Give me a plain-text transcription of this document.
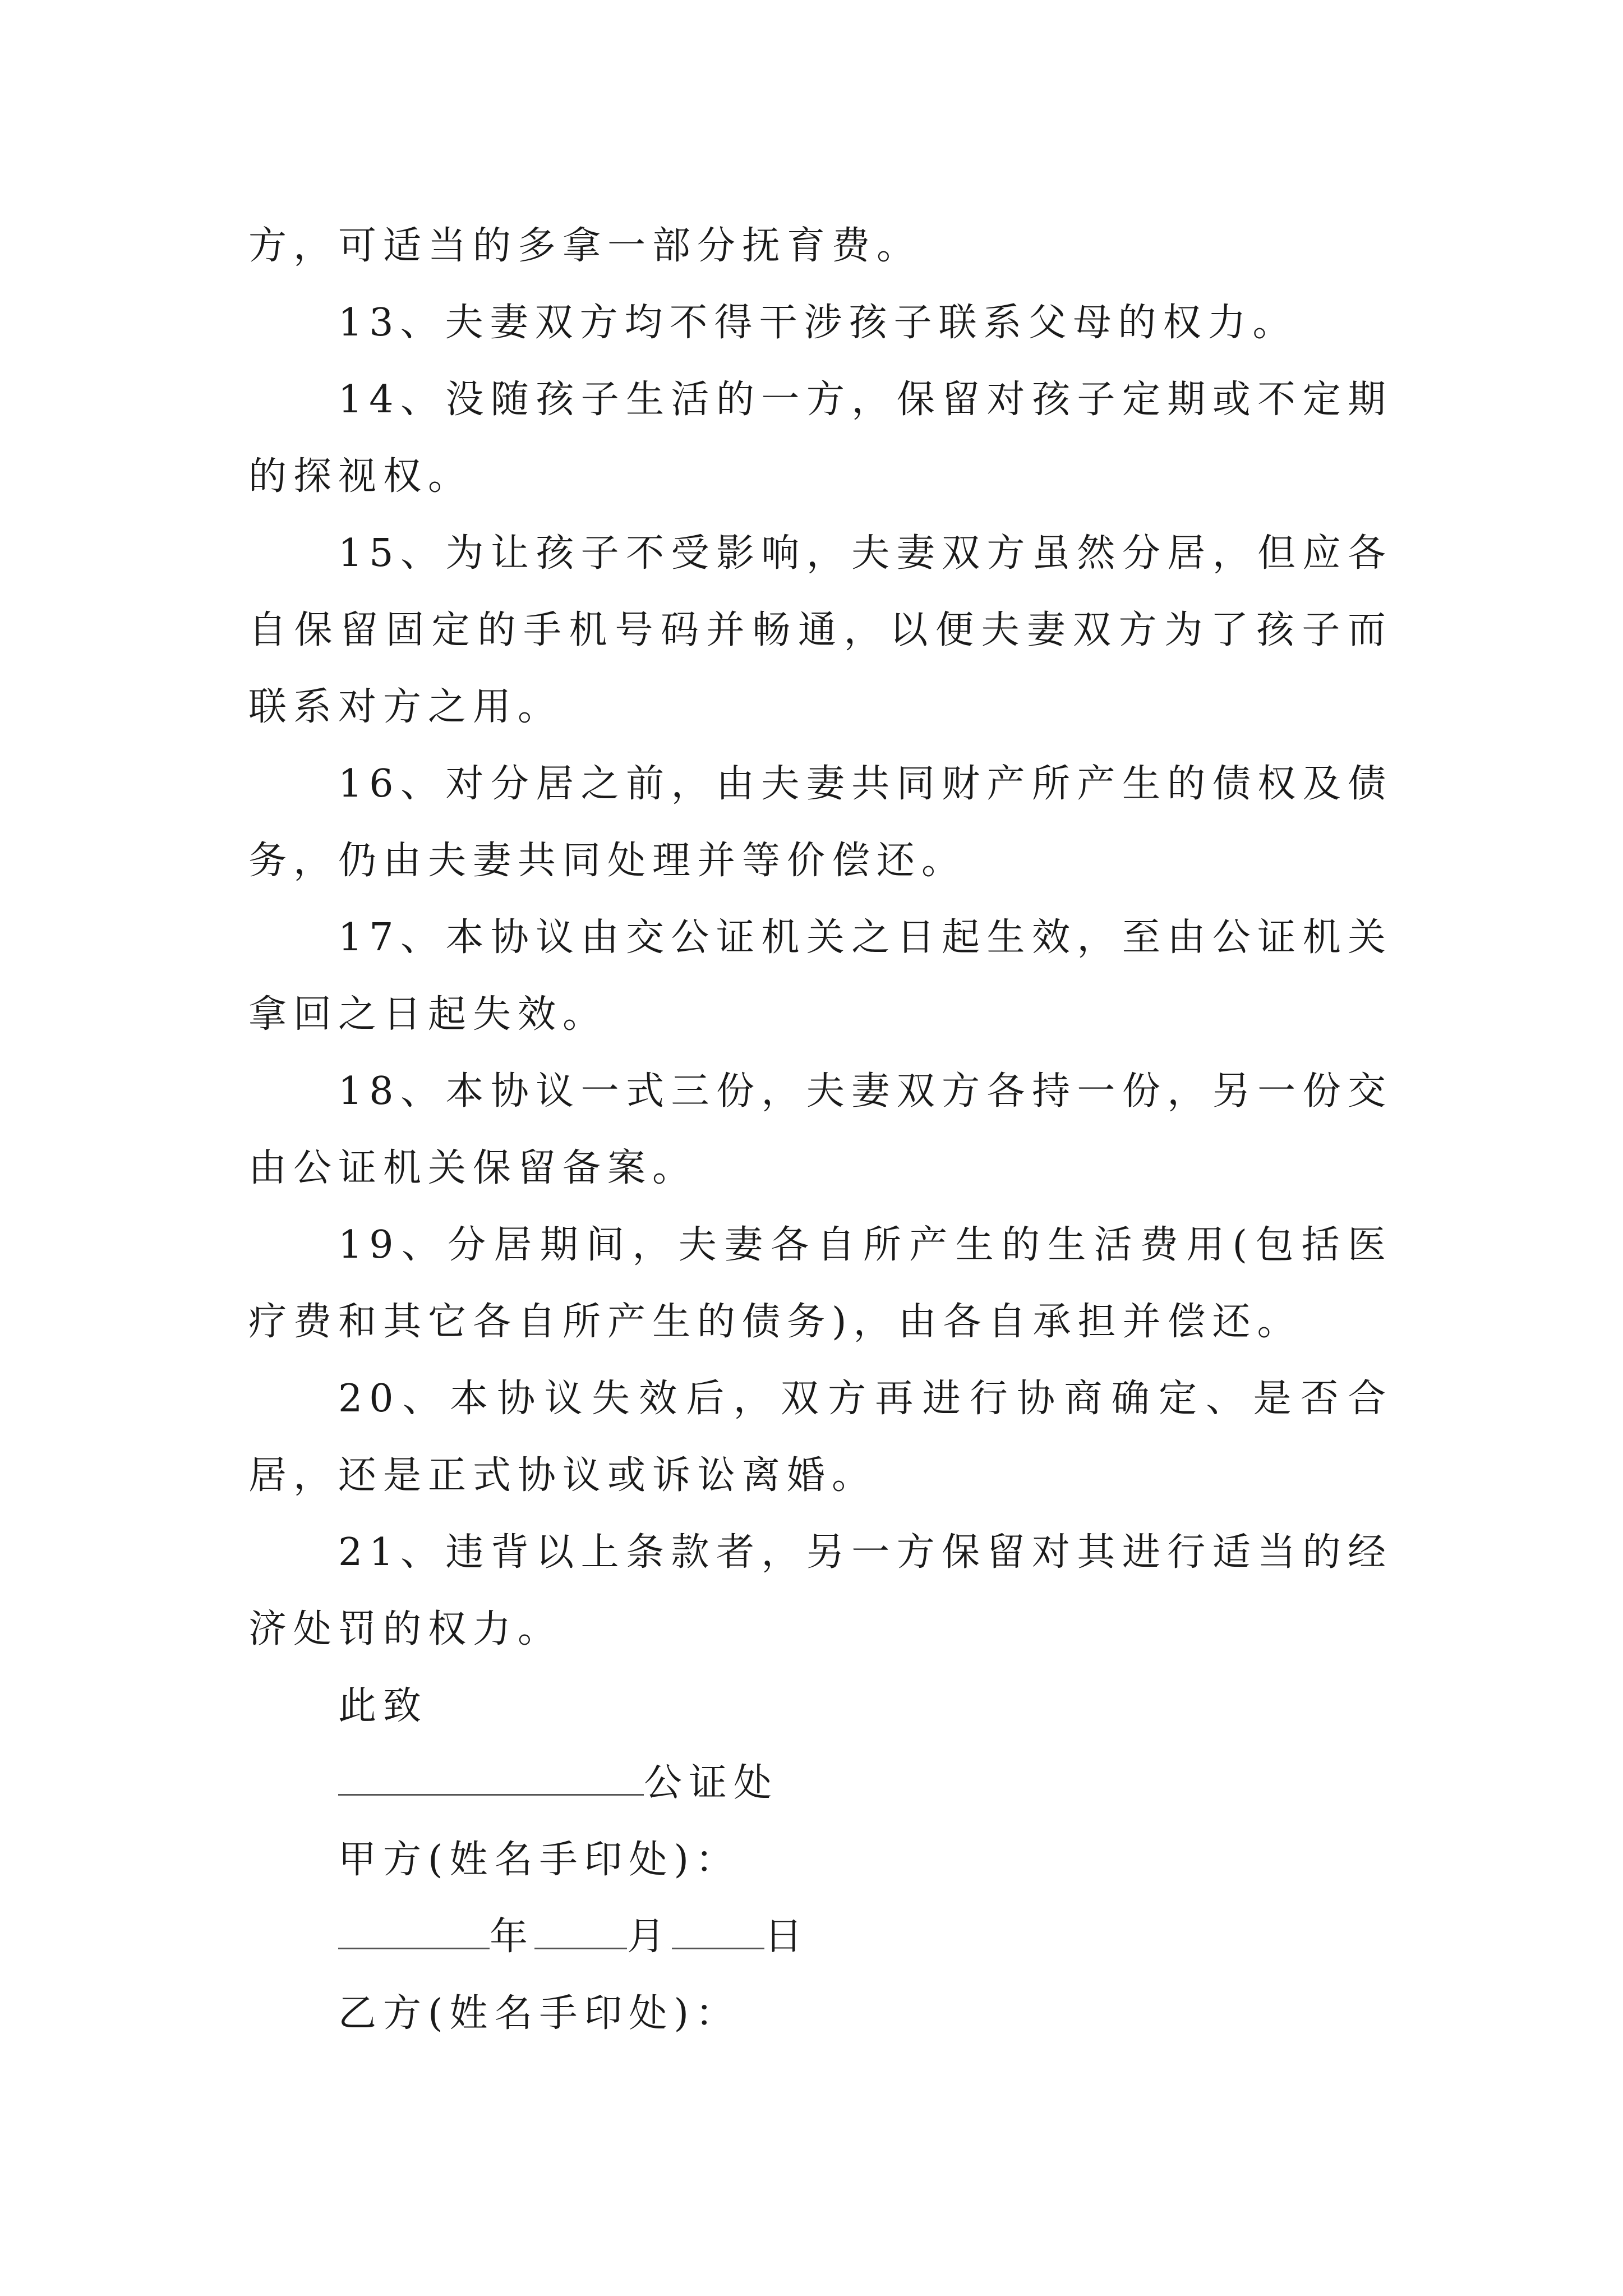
方，可适当的多拿一部分抚育费。

13、夫妻双方均不得干涉孩子联系父母的权力。

14、没随孩子生活的一方，保留对孩子定期或不定期的探视权。

15、为让孩子不受影响，夫妻双方虽然分居，但应各自保留固定的手机号码并畅通，以便夫妻双方为了孩子而联系对方之用。

16、对分居之前，由夫妻共同财产所产生的债权及债务，仍由夫妻共同处理并等价偿还。

17、本协议由交公证机关之日起生效，至由公证机关拿回之日起失效。

18、本协议一式三份，夫妻双方各持一份，另一份交由公证机关保留备案。

19、分居期间，夫妻各自所产生的生活费用(包括医疗费和其它各自所产生的债务)，由各自承担并偿还。

20、本协议失效后，双方再进行协商确定、是否合居，还是正式协议或诉讼离婚。

21、违背以上条款者，另一方保留对其进行适当的经济处罚的权力。

此致

公证处

甲方(姓名手印处)：

年 月 日

乙方(姓名手印处)：
